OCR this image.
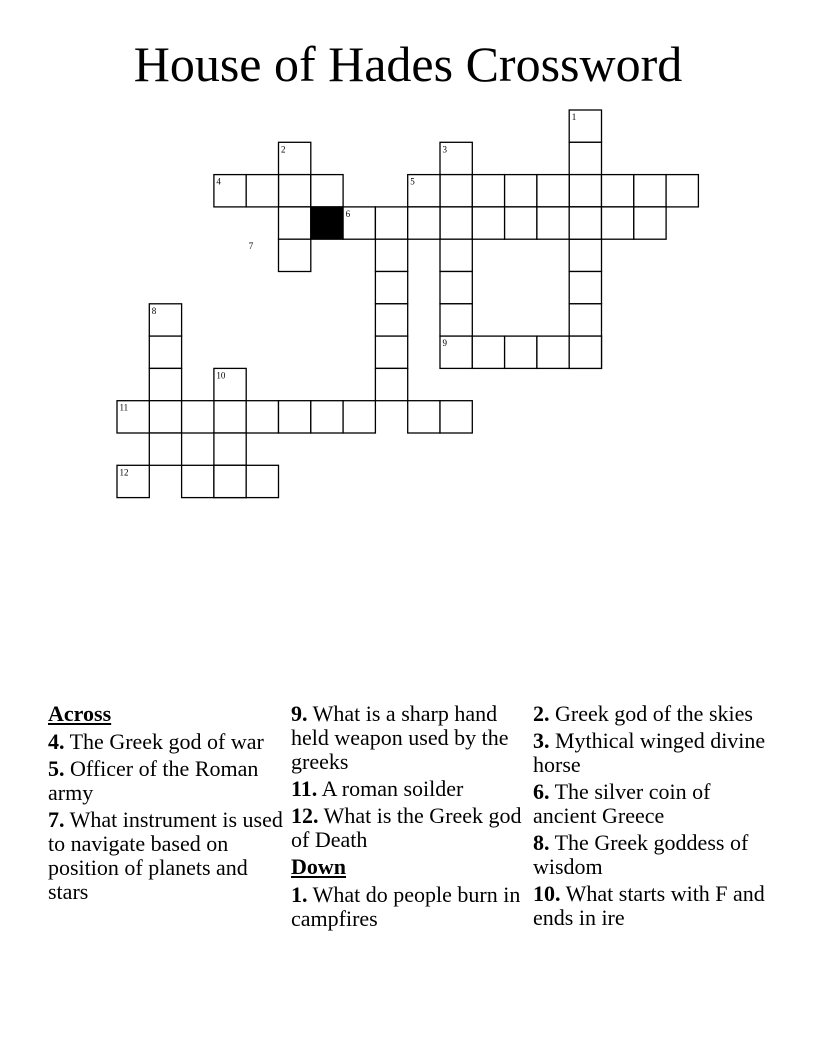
House of Hades Crossword
1
2	3
4	5
6
7
8
9
10
11
12
Across
4. The Greek god of war
5. Officer of the Roman army
7. What instrument is used to navigate based on position of planets and stars
9. What is a sharp hand held weapon used by the greeks
11. A roman soilder
12. What is the Greek god of Death
Down
1. What do people burn in campfires
2. Greek god of the skies
3. Mythical winged divine horse
6. The silver coin of ancient Greece
8. The Greek goddess of wisdom
10. What starts with F and ends in ire
